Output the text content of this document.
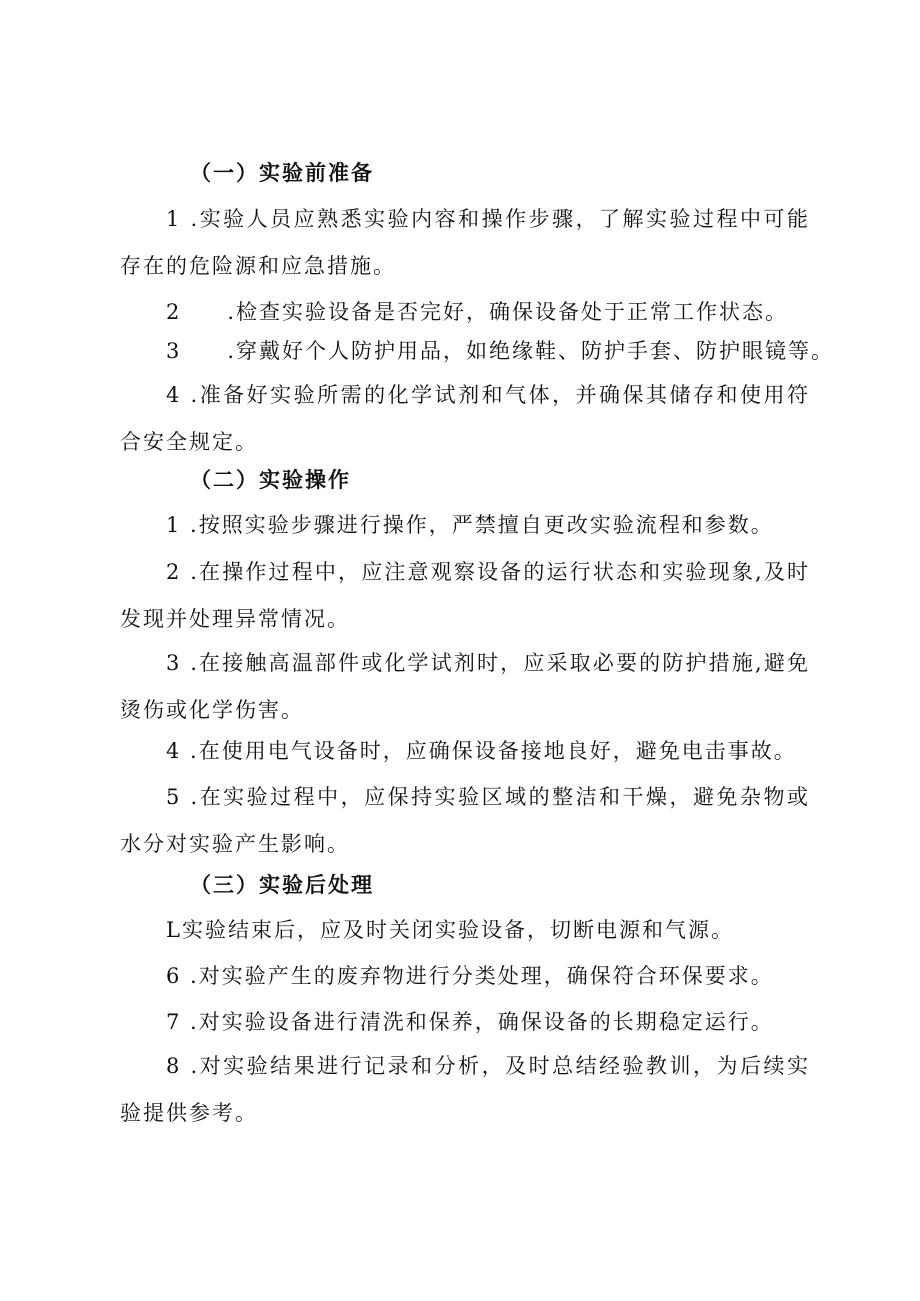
（一）实验前准备
1 .实验人员应熟悉实验内容和操作步骤，了解实验过程中可能存在的危险源和应急措施。
2　　.检查实验设备是否完好，确保设备处于正常工作状态。
3　　.穿戴好个人防护用品，如绝缘鞋、防护手套、防护眼镜等。
4 .准备好实验所需的化学试剂和气体，并确保其储存和使用符合安全规定。
（二）实验操作
1 .按照实验步骤进行操作，严禁擅自更改实验流程和参数。
2 .在操作过程中，应注意观察设备的运行状态和实验现象,及时发现并处理异常情况。
3 .在接触高温部件或化学试剂时，应采取必要的防护措施,避免烫伤或化学伤害。
4 .在使用电气设备时，应确保设备接地良好，避免电击事故。
5 .在实验过程中，应保持实验区域的整洁和干燥，避免杂物或水分对实验产生影响。
（三）实验后处理
L实验结束后，应及时关闭实验设备，切断电源和气源。
6 .对实验产生的废弃物进行分类处理，确保符合环保要求。
7 .对实验设备进行清洗和保养，确保设备的长期稳定运行。
8 .对实验结果进行记录和分析，及时总结经验教训，为后续实验提供参考。
